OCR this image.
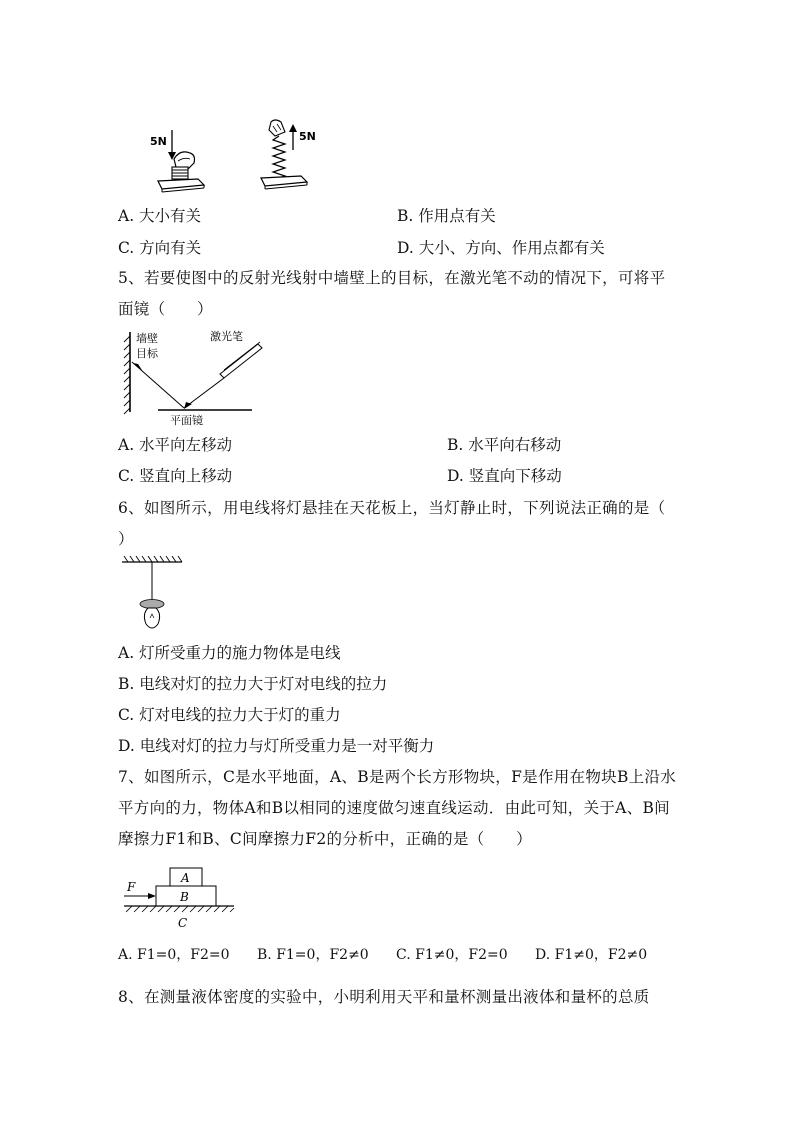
5N	5N
A. 大小有关	B. 作用点有关
C. 方向有关	D. 大小、方向、作用点都有关
5、若要使图中的反射光线射中墙壁上的目标，在激光笔不动的情况下，可将平
面镜（　　）
墙壁
目标
激光笔
平面镜
A. 水平向左移动	B. 水平向右移动
C. 竖直向上移动	D. 竖直向下移动
6、如图所示，用电线将灯悬挂在天花板上，当灯静止时，下列说法正确的是（
）
A. 灯所受重力的施力物体是电线
B. 电线对灯的拉力大于灯对电线的拉力
C. 灯对电线的拉力大于灯的重力
D. 电线对灯的拉力与灯所受重力是一对平衡力
7、如图所示，C是水平地面，A、B是两个长方形物块，F是作用在物块B上沿水
平方向的力，物体A和B以相同的速度做匀速直线运动．由此可知，关于A、B间
摩擦力F1和B、C间摩擦力F2的分析中，正确的是（　　）
A
B
F
C
A. F1=0，F2=0 B. F1=0，F2≠0 C. F1≠0，F2=0 D. F1≠0，F2≠0
8、在测量液体密度的实验中，小明利用天平和量杯测量出液体和量杯的总质
